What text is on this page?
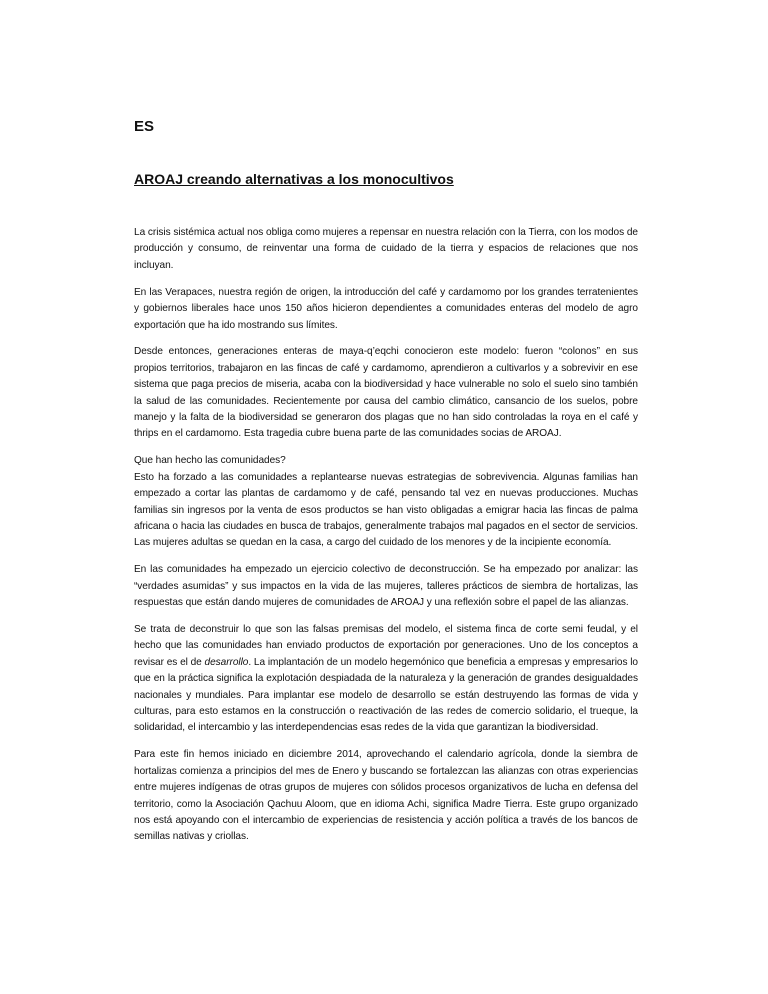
ES
AROAJ creando alternativas a los monocultivos

La crisis sistémica actual nos obliga como mujeres a repensar en nuestra relación con la Tierra, con los modos de producción y consumo, de reinventar una forma de cuidado de la tierra y espacios de relaciones que nos incluyan.

En las Verapaces, nuestra región de origen, la introducción del café y cardamomo por los grandes terratenientes y gobiernos liberales hace unos 150 años hicieron dependientes a comunidades enteras del modelo de agro exportación que ha ido mostrando sus límites.

Desde entonces, generaciones enteras de maya-q’eqchi conocieron este modelo: fueron “colonos” en sus propios territorios, trabajaron en las fincas de café y cardamomo, aprendieron a cultivarlos y a sobrevivir en ese sistema que paga precios de miseria, acaba con la biodiversidad y hace vulnerable no solo el suelo sino también la salud de las comunidades. Recientemente por causa del cambio climático, cansancio de los suelos, pobre manejo y la falta de la biodiversidad se generaron dos plagas que no han sido controladas la roya en el café y thrips en el cardamomo. Esta tragedia cubre buena parte de las comunidades socias de AROAJ.

Que han hecho las comunidades?

Esto ha forzado a las comunidades a replantearse nuevas estrategias de sobrevivencia. Algunas familias han empezado a cortar las plantas de cardamomo y de café, pensando tal vez en nuevas producciones. Muchas familias sin ingresos por la venta de esos productos se han visto obligadas a emigrar hacia las fincas de palma africana o hacia las ciudades en busca de trabajos, generalmente trabajos mal pagados en el sector de servicios. Las mujeres adultas se quedan en la casa, a cargo del cuidado de los menores y de la incipiente economía.

En las comunidades ha empezado un ejercicio colectivo de deconstrucción. Se ha empezado por analizar: las “verdades asumidas” y sus impactos en la vida de las mujeres, talleres prácticos de siembra de hortalizas, las respuestas que están dando mujeres de comunidades de AROAJ y una reflexión sobre el papel de las alianzas.

Se trata de deconstruir lo que son las falsas premisas del modelo, el sistema finca de corte semi feudal, y el hecho que las comunidades han enviado productos de exportación por generaciones. Uno de los conceptos a revisar es el de desarrollo. La implantación de un modelo hegemónico que beneficia a empresas y empresarios lo que en la práctica significa la explotación despiadada de la naturaleza y la generación de grandes desigualdades nacionales y mundiales. Para implantar ese modelo de desarrollo se están destruyendo las formas de vida y culturas, para esto estamos en la construcción o reactivación de las redes de comercio solidario, el trueque, la solidaridad, el intercambio y las interdependencias esas redes de la vida que garantizan la biodiversidad.

Para este fin hemos iniciado en diciembre 2014, aprovechando el calendario agrícola, donde la siembra de hortalizas comienza a principios del mes de Enero y buscando se fortalezcan las alianzas con otras experiencias entre mujeres indígenas de otras grupos de mujeres con sólidos procesos organizativos de lucha en defensa del territorio, como la Asociación Qachuu Aloom, que en idioma Achi, significa Madre Tierra. Este grupo organizado nos está apoyando con el intercambio de experiencias de resistencia y acción política a través de los bancos de semillas nativas y criollas.
